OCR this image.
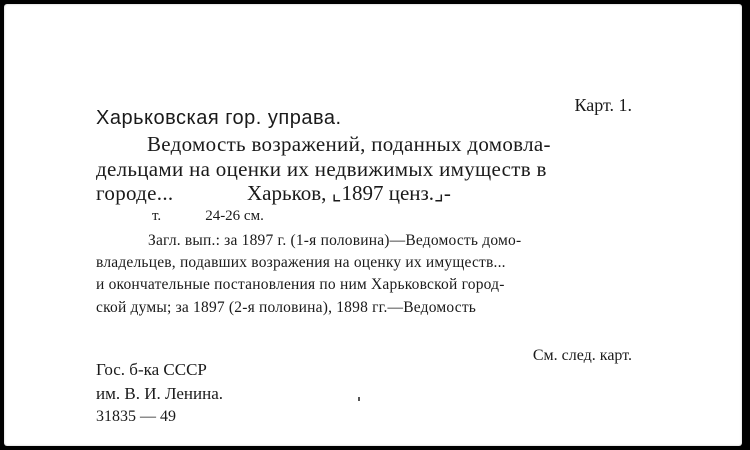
Карт. 1.
Харьковская гор. управа.
Ведомость возражений, поданных домовла-
дельцами на оценки их недвижимых имуществ в
городе...	Харьков, ⌞1897 ценз.⌟-
т.	24-26 см.
Загл. вып.: за 1897 г. (1-я половина)—Ведомость домо-
владельцев, подавших возражения на оценку их имуществ...
и окончательные постановления по ним Харьковской город-
ской думы; за 1897 (2-я половина), 1898 гг.—Ведомость
См. след. карт.
Гос. б-ка СССР
им. В. И. Ленина.
31835 — 49
